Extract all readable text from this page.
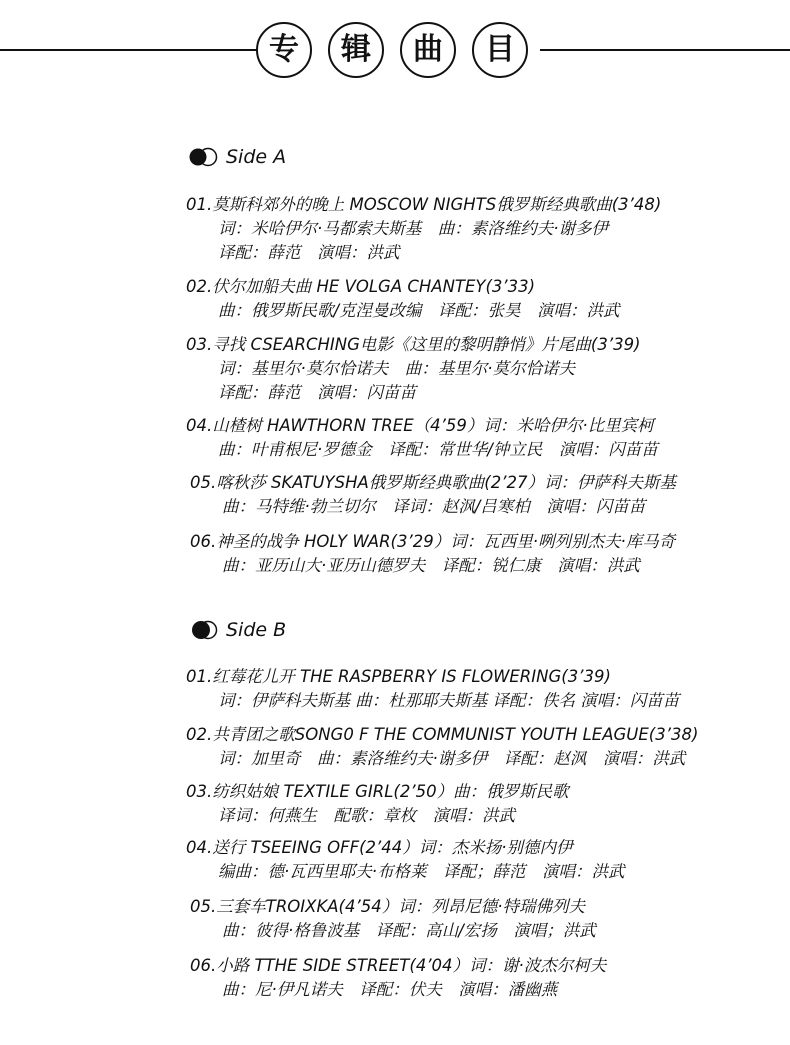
专	辑	曲	目
Side A
01.莫斯科郊外的晚上 MOSCOW NIGHTS俄罗斯经典歌曲(3’48)
词：米哈伊尔·马都索夫斯基　曲：素洛维约夫·谢多伊
译配：薛范　演唱：洪武
02.伏尔加船夫曲 HE VOLGA CHANTEY(3’33)
曲：俄罗斯民歌/克涅曼改编　译配：张昊　演唱：洪武
03.寻找 CSEARCHING电影《这里的黎明静悄》片尾曲(3’39)
词：基里尔·莫尔恰诺夫　曲：基里尔·莫尔恰诺夫
译配：薛范　演唱：闪苗苗
04.山楂树 HAWTHORN TREE（4’59）词：米哈伊尔·比里宾柯
曲：叶甫根尼·罗德金　译配：常世华/钟立民　演唱：闪苗苗
05.喀秋莎 SKATUYSHA俄罗斯经典歌曲(2’27）词：伊萨科夫斯基
曲：马特维·勃兰切尔　译词：赵沨/吕寒柏　演唱：闪苗苗
06.神圣的战争 HOLY WAR(3’29）词：瓦西里·咧列别杰夫·库马奇
曲：亚历山大·亚历山德罗夫　译配：锐仁康　演唱：洪武
Side B
01.红莓花儿开 THE RASPBERRY IS FLOWERING(3’39)
词：伊萨科夫斯基 曲：杜那耶夫斯基 译配：佚名 演唱：闪苗苗
02.共青团之歌SONG0 F THE COMMUNIST YOUTH LEAGUE(3’38)
词：加里奇　曲：素洛维约夫·谢多伊　译配：赵沨　演唱：洪武
03.纺织姑娘 TEXTILE GIRL(2’50）曲：俄罗斯民歌
译词：何燕生　配歌：章枚　演唱：洪武
04.送行 TSEEING OFF(2’44）词：杰米扬·别德内伊
编曲：德·瓦西里耶夫·布格莱　译配；薛范　演唱：洪武
05.三套车TROIXKA(4’54）词：列昂尼德·特瑞佛列夫
曲：彼得·格鲁波基　译配：高山/宏扬　演唱；洪武
06.小路 TTHE SIDE STREET(4’04）词：谢·波杰尔柯夫
曲：尼·伊凡诺夫　译配：伏夫　演唱：潘幽燕
